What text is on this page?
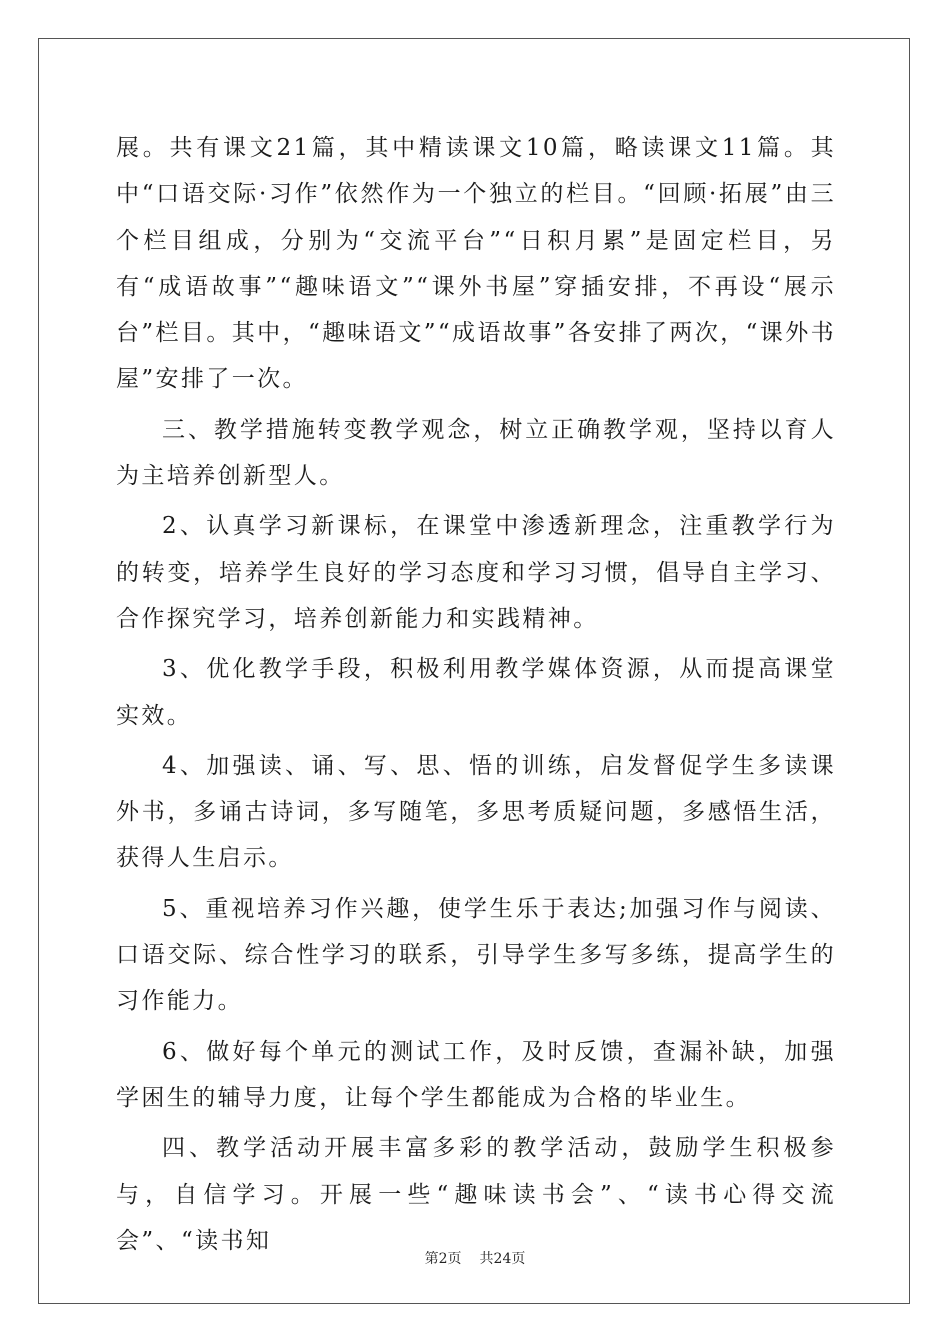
展。共有课文21篇，其中精读课文10篇，略读课文11篇。其中“口语交际·习作”依然作为一个独立的栏目。“回顾·拓展”由三个栏目组成，分别为“交流平台”“日积月累”是固定栏目，另有“成语故事”“趣味语文”“课外书屋”穿插安排，不再设“展示台”栏目。其中，“趣味语文”“成语故事”各安排了两次，“课外书屋”安排了一次。

三、教学措施转变教学观念，树立正确教学观，坚持以育人为主培养创新型人。

2、认真学习新课标，在课堂中渗透新理念，注重教学行为的转变，培养学生良好的学习态度和学习习惯，倡导自主学习、合作探究学习，培养创新能力和实践精神。

3、优化教学手段，积极利用教学媒体资源，从而提高课堂实效。

4、加强读、诵、写、思、悟的训练，启发督促学生多读课外书，多诵古诗词，多写随笔，多思考质疑问题，多感悟生活，获得人生启示。

5、重视培养习作兴趣，使学生乐于表达;加强习作与阅读、口语交际、综合性学习的联系，引导学生多写多练，提高学生的习作能力。

6、做好每个单元的测试工作，及时反馈，查漏补缺，加强学困生的辅导力度，让每个学生都能成为合格的毕业生。

四、教学活动开展丰富多彩的教学活动，鼓励学生积极参与，自信学习。开展一些“趣味读书会”、“读书心得交流会”、“读书知

第2页 共24页
